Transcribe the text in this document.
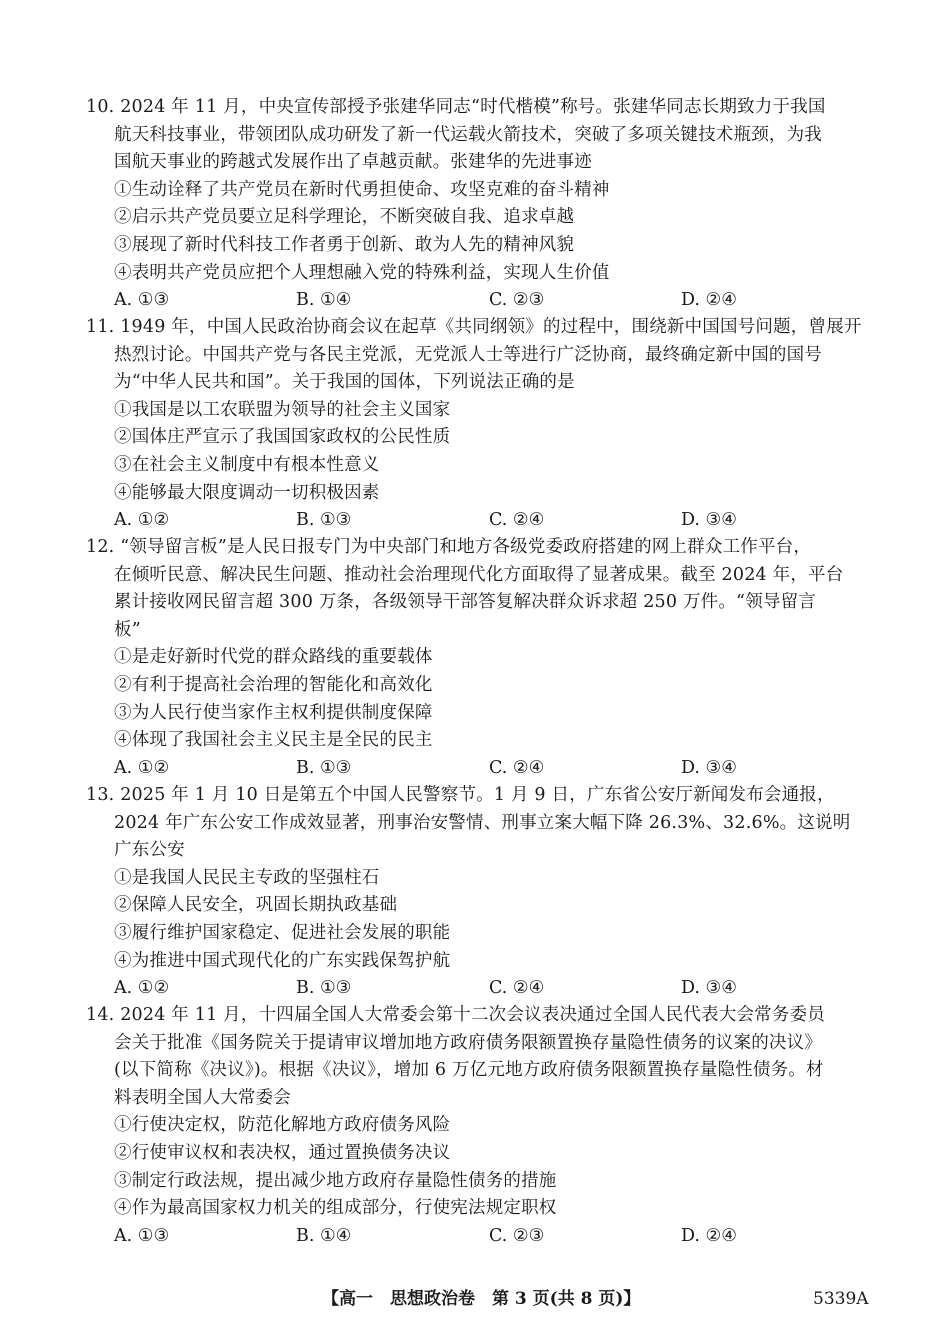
10. 2024 年 11 月，中央宣传部授予张建华同志“时代楷模”称号。张建华同志长期致力于我国
航天科技事业，带领团队成功研发了新一代运载火箭技术，突破了多项关键技术瓶颈，为我
国航天事业的跨越式发展作出了卓越贡献。张建华的先进事迹
①生动诠释了共产党员在新时代勇担使命、攻坚克难的奋斗精神
②启示共产党员要立足科学理论，不断突破自我、追求卓越
③展现了新时代科技工作者勇于创新、敢为人先的精神风貌
④表明共产党员应把个人理想融入党的特殊利益，实现人生价值
A. ①③	B. ①④	C. ②③	D. ②④
11. 1949 年，中国人民政治协商会议在起草《共同纲领》的过程中，围绕新中国国号问题，曾展开
热烈讨论。中国共产党与各民主党派，无党派人士等进行广泛协商，最终确定新中国的国号
为“中华人民共和国”。关于我国的国体，下列说法正确的是
①我国是以工农联盟为领导的社会主义国家
②国体庄严宣示了我国国家政权的公民性质
③在社会主义制度中有根本性意义
④能够最大限度调动一切积极因素
A. ①②	B. ①③	C. ②④	D. ③④
12. “领导留言板”是人民日报专门为中央部门和地方各级党委政府搭建的网上群众工作平台，
在倾听民意、解决民生问题、推动社会治理现代化方面取得了显著成果。截至 2024 年，平台
累计接收网民留言超 300 万条，各级领导干部答复解决群众诉求超 250 万件。“领导留言
板”
①是走好新时代党的群众路线的重要载体
②有利于提高社会治理的智能化和高效化
③为人民行使当家作主权利提供制度保障
④体现了我国社会主义民主是全民的民主
A. ①②	B. ①③	C. ②④	D. ③④
13. 2025 年 1 月 10 日是第五个中国人民警察节。1 月 9 日，广东省公安厅新闻发布会通报，
2024 年广东公安工作成效显著，刑事治安警情、刑事立案大幅下降 26.3%、32.6%。这说明
广东公安
①是我国人民民主专政的坚强柱石
②保障人民安全，巩固长期执政基础
③履行维护国家稳定、促进社会发展的职能
④为推进中国式现代化的广东实践保驾护航
A. ①②	B. ①③	C. ②④	D. ③④
14. 2024 年 11 月，十四届全国人大常委会第十二次会议表决通过全国人民代表大会常务委员
会关于批准《国务院关于提请审议增加地方政府债务限额置换存量隐性债务的议案的决议》
(以下简称《决议》)。根据《决议》，增加 6 万亿元地方政府债务限额置换存量隐性债务。材
料表明全国人大常委会
①行使决定权，防范化解地方政府债务风险
②行使审议权和表决权，通过置换债务决议
③制定行政法规，提出减少地方政府存量隐性债务的措施
④作为最高国家权力机关的组成部分，行使宪法规定职权
A. ①③	B. ①④	C. ②③	D. ②④
【高一　思想政治卷　第 3 页(共 8 页)】	5339A
